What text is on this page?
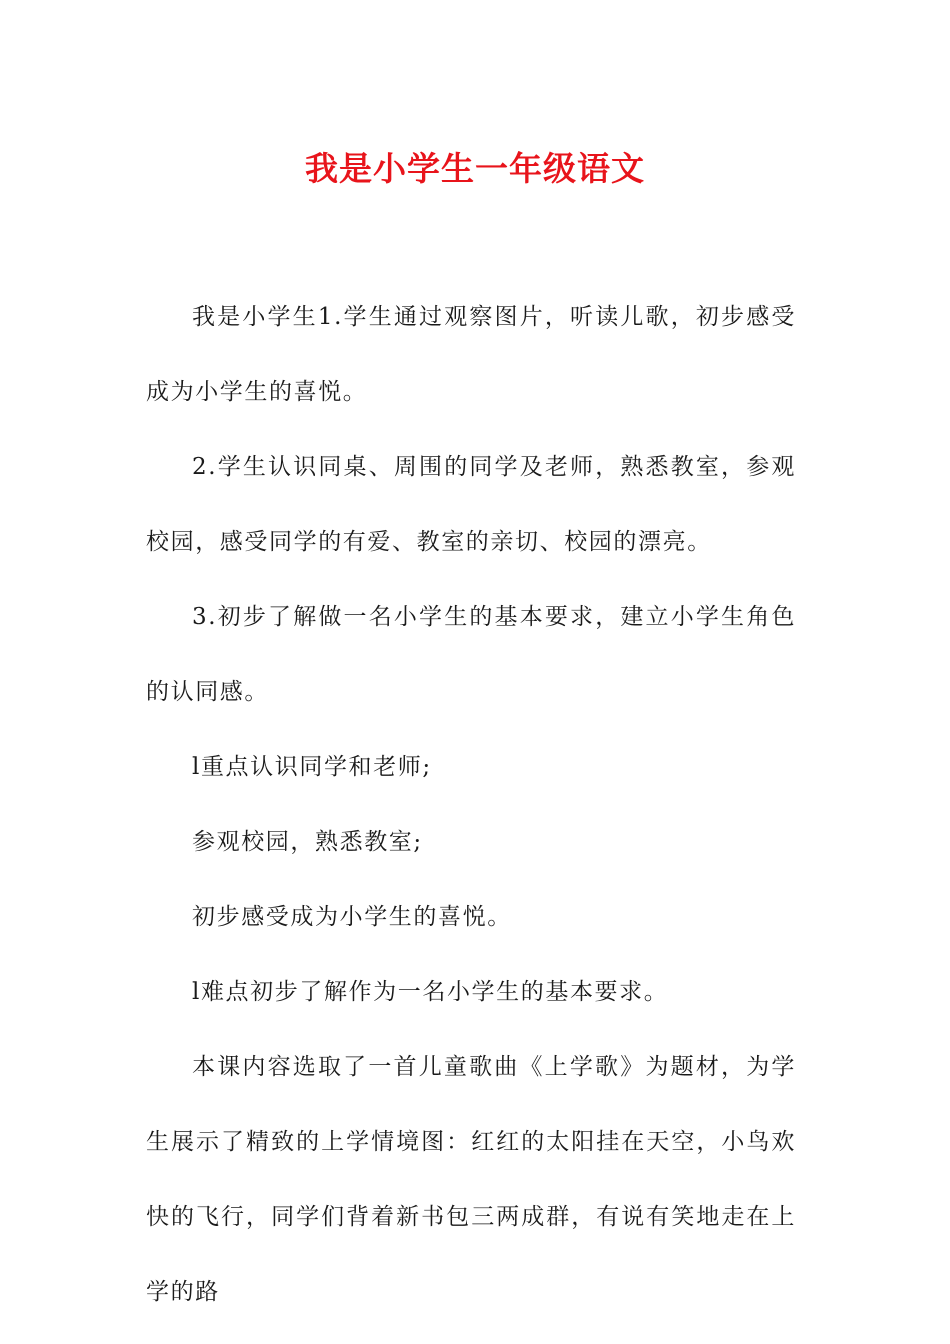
我是小学生一年级语文

我是小学生1.学生通过观察图片，听读儿歌，初步感受成为小学生的喜悦。

2.学生认识同桌、周围的同学及老师，熟悉教室，参观校园，感受同学的有爱、教室的亲切、校园的漂亮。

3.初步了解做一名小学生的基本要求，建立小学生角色的认同感。

l重点认识同学和老师;

参观校园，熟悉教室;

初步感受成为小学生的喜悦。

l难点初步了解作为一名小学生的基本要求。

本课内容选取了一首儿童歌曲《上学歌》为题材，为学生展示了精致的上学情境图：红红的太阳挂在天空，小鸟欢快的飞行，同学们背着新书包三两成群，有说有笑地走在上学的路
